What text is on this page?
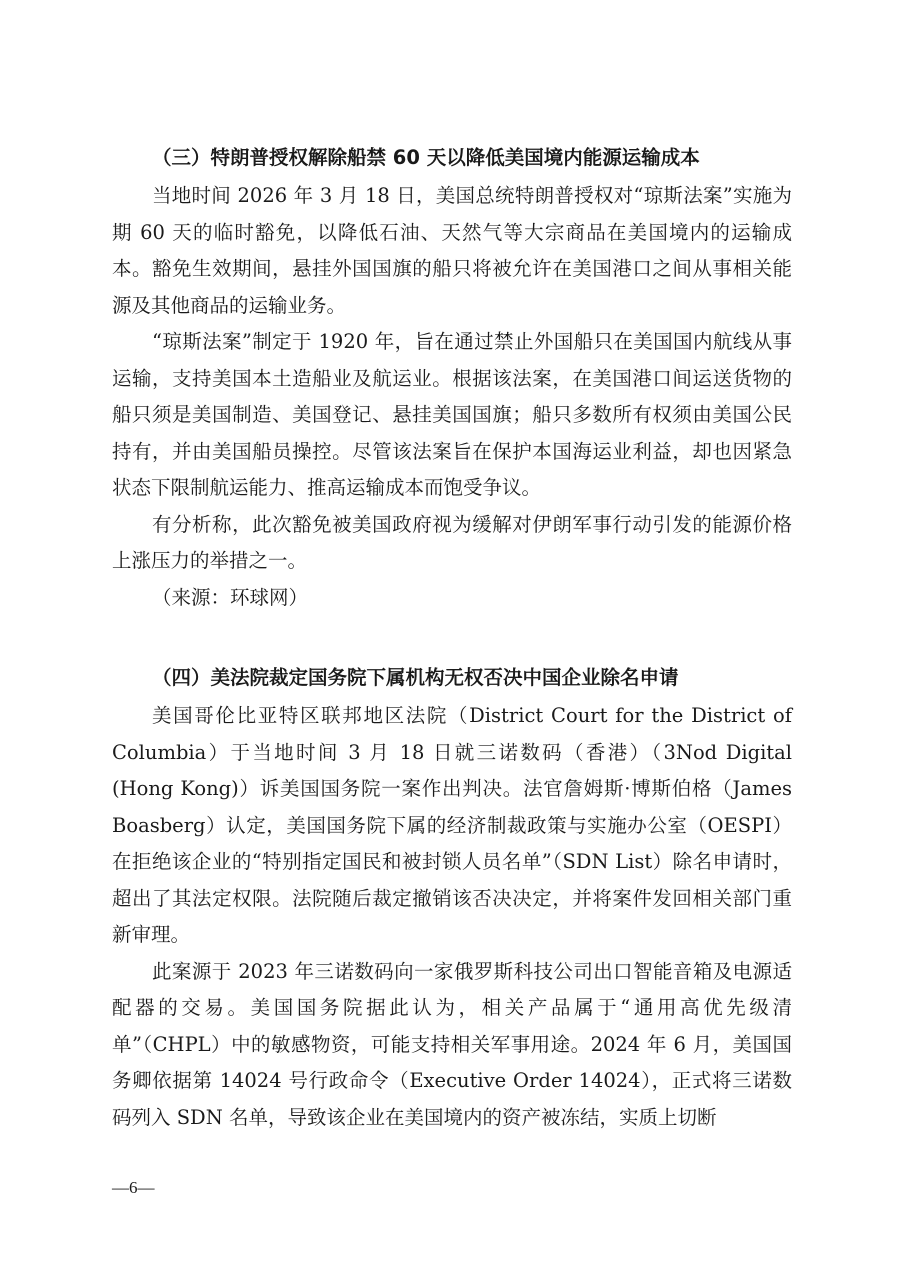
（三）特朗普授权解除船禁 60 天以降低美国境内能源运输成本

当地时间 2026 年 3 月 18 日，美国总统特朗普授权对“琼斯法案”实施为期 60 天的临时豁免，以降低石油、天然气等大宗商品在美国境内的运输成本。豁免生效期间，悬挂外国国旗的船只将被允许在美国港口之间从事相关能源及其他商品的运输业务。

“琼斯法案”制定于 1920 年，旨在通过禁止外国船只在美国国内航线从事运输，支持美国本土造船业及航运业。根据该法案，在美国港口间运送货物的船只须是美国制造、美国登记、悬挂美国国旗；船只多数所有权须由美国公民持有，并由美国船员操控。尽管该法案旨在保护本国海运业利益，却也因紧急状态下限制航运能力、推高运输成本而饱受争议。

有分析称，此次豁免被美国政府视为缓解对伊朗军事行动引发的能源价格上涨压力的举措之一。

（来源：环球网）

（四）美法院裁定国务院下属机构无权否决中国企业除名申请

美国哥伦比亚特区联邦地区法院（District Court for the District of Columbia）于当地时间 3 月 18 日就三诺数码（香港）（3Nod Digital (Hong Kong)）诉美国国务院一案作出判决。法官詹姆斯·博斯伯格（James Boasberg）认定，美国国务院下属的经济制裁政策与实施办公室（OESPI）在拒绝该企业的“特别指定国民和被封锁人员名单”（SDN List）除名申请时，超出了其法定权限。法院随后裁定撤销该否决决定，并将案件发回相关部门重新审理。

此案源于 2023 年三诺数码向一家俄罗斯科技公司出口智能音箱及电源适配器的交易。美国国务院据此认为，相关产品属于“通用高优先级清单”（CHPL）中的敏感物资，可能支持相关军事用途。2024 年 6 月，美国国务卿依据第 14024 号行政命令（Executive Order 14024），正式将三诺数码列入 SDN 名单，导致该企业在美国境内的资产被冻结，实质上切断

—6—
